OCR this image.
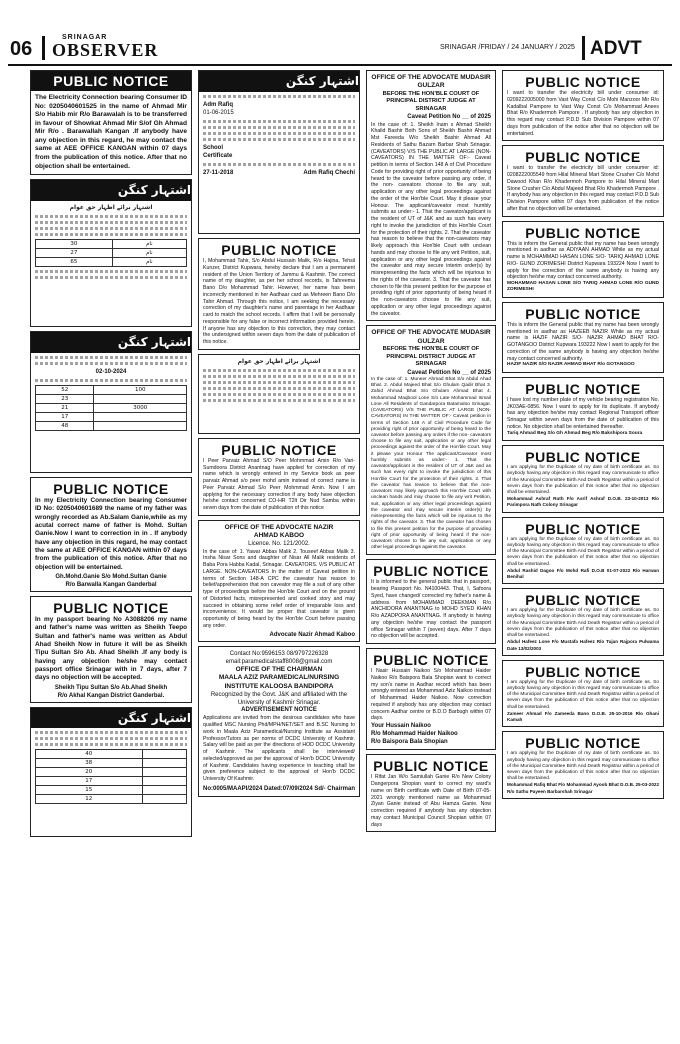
06
SRINAGAR
OBSERVER	SRINAGAR /FRIDAY / 24 JANUARY / 2025 ADVT
PUBLIC NOTICE
The Electricity Connection bearing Consumer ID No: 0205040601525 in the name of Ahmad Mir S/o Habib mir R/o Barawalah is to be transferred in favour of Showkat Ahmad Mir S/of Gh Ahmad Mir R/o . Barawallah Kangan .If anybody have any objection in this regard, he may contact the same at AEE OFFICE KANGAN within 07 days from the publication of this notice. After that no objection shall be entertained.
اشتہار کنگن
اشتہار برائے اظہار حق عوام
30	نام
27	نام
65	نام
اشتہار کنگن
02-10-2024
52	100
23	
21	3000
17	
48	
PUBLIC NOTICE
In my Electricity Connection bearing Consumer ID No: 0205040601689 the name of my father was wrongly recorded as Ab.Salam Ganie,while as my acutal correct name of father is Mohd. Sultan Ganie.Now I want to correction in in . If anybody have any objection in this regard, he may contact the same at AEE OFFICE KANGAN within 07 days from the publication of this notice. After that no objection will be entertained.
Gh.Mohd.Ganie S/o Mohd.Sultan Ganie
R/o Barwalla Kangan Ganderbal
PUBLIC NOTICE
In my passport bearing No A3088206 my name and father's name was written as Sheikh Teepo Sultan and father's name was written as Abdul Ahad Sheikh Now in future it will be as Sheikh Tipu Sultan S/o Ab. Ahad Sheikh .If any body is having any objection he/she may contact passport office Srinagar with in 7 days, after 7 days no objection will be accepted.
Sheikh Tipu Sultan S/o Ab.Ahad Sheikh
R/o Akhal Kangan District Ganderbal.
اشتہار کنگن
40	
38	
20	
17	
15	
12	
اشتہار کنگن
Adm Rafiq
01-06-2015
School
Certificate
27-11-2018	Adm Rafiq Chechi
PUBLIC NOTICE
I, Mohammad Tahir, S/o Abdul Hussain Malik, R/o Hajina, Tehsil Kunzer, District Kupwara, hereby declare that I am a permanent resident of the Union Territory of Jammu & Kashmir. The correct name of my daughter, as per her school records, is Tahreema Bano D/o Mohammad Tahir. However, her name has been incorrectly mentioned in her Aadhaar card as Mehreen Bano D/o Tahir Ahmad. Through this notice, I am seeking the necessary correction of my daughter's name and parentage in her Aadhaar card to match the school records. I affirm that I will be personally responsible for any false or incorrect information provided herein. If anyone has any objection to this correction, they may contact the undersigned within seven days from the date of publication of this notice.
اشتہار برائے اظہار حق عوام
PUBLIC NOTICE
I Peer Parvaiz Ahmad S/O Peer Mohmmad Amin R/o Vari-Sumdoora District Anantnag have applied for correction of my name which is wrongly entered in my Service book as peer parvaiz Ahmad s/o peer mohd amin instead of correct name is Peer Parvaiz Ahmad S/o Peer Mohmmad Amin. Now I am applying for the necessary correction if any body have objection he/she contact concerned CO-HR T2lt Dir Nud Samba within seven days from the date of publication of this notice
OFFICE OF THE ADVOCATE NAZIR
AHMAD KABOO
Licence. No. 121/2002.
In the case of: 1. Yawar Abbas Malik 2. Touseef Abbas Malik 3. Insha Nisar Sons and daughter of Nisar All Malik residents of Baba Pora Habba Kadal, Srinagar. CAVEATORS. V/S PUBLIC AT LARGE. NON-CAVEATORS In the matter of Caveat petition in terms of Section 148-A CPC the caveator has reason to belief/apprehension that non caveator may file a suit of any other type of proceedings before the Hon'ble Court and on the ground of Distorted facts, misrepresented and cooked story and may succeed in obtaining some relief order of irreparable loss and inconvenience. It would be proper that caveator is given opportunity of being heard by the Hon'ble Court before passing any order.
Advocate Nazir Ahmad Kaboo
Contact No:9596153 08/9797226328
email:paramedicalstaff8008@gmail.com
OFFICE OF THE CHAIRMAN
MAALA AZIZ PARAMEDICAL/NURSING INSTITUTE KALOOSA BANDIPORA
Recognized by the Govt. J&K and affiliated with the University of Kashmir Srinagar.
ADVERTISEMENT NOTICE
Applications are invited from the desirous candidates who have qualified MSC Nursing Phd/MPH/NET/SET and B.SC Nursing to work in Maala Aziz Paramedical/Nursing Institute as Assistant Professor/Tutors as per norms of DCDC University of Kashmir. Salary will be paid as per the directions of HOD DCDC University of Kashmir. The applicants shall be interviewed/ selected/approved as per the approval of Hon'b DCDC University of Kashmir. Candidates having experience in teaching shall be given preference subject to the approval of Hon'b DCDC University Of Kashmir.
No:0005/MAAPI/2024 Dated:07/09/2024 Sd/- Chairman
OFFICE OF THE ADVOCATE MUDASIR GULZAR
BEFORE THE HON'BLE COURT OF PRINCIPAL DISTRICT JUDGE AT SRINAGAR
Caveat Petition No __ of 2025
In the case of: 1. Sheikh Inam s Ahmad Sheikh Khalid Bashir Both Sons of Sheikh Bashir Ahmad Mst Fareeda W/o Sheikh Bashir Ahmad All Residents of Sathu Bazarn Barbar Shah Srinagar. (CAVEATORS) V/S THE PUBLIC AT LARGE (NON-CAVEATORS) IN THE MATTER OF:- Caveat petition in terms of Section 148 A of Civil Procedure Code for providing right of prior opportunity of being heard to the caveator before passing any order, if the non- caveators choose to file any suit, application or any other legal proceedings against the order of the Hon'ble Court. May it please your Honour. The applicant/caveator most humbly submits as under:- 1. That the caveator/applicant is the resident of UT of J&K and as such has every right to invoke the jurisdiction of this Hon'ble Court for the protection of their rights. 2. That the caveator has reason to believe that the non-caveators may likely approach this Hon'ble Court with unclean hands and may choose to file any writ Petition, suit, application or any other legal proceedings against the caveator and may secure interim order(s) by misrepresenting the facts which will be injurious to the rights of the caveator. 3. That the caveator has chosen to file this present petition for the purpose of providing right of prior opportunity of being heard if the non-caveators choose to file any suit, application or any other legal proceedings against the caveator.
OFFICE OF THE ADVOCATE MUDASIR GULZAR
BEFORE THE HON'BLE COURT OF PRINCIPAL DISTRICT JUDGE AT SRINAGAR
Caveat Petition No __ of 2025
In the case of: 1. Muneer Ahmad Bhat S/o Abdul Ahad Bhat. 2. Abdul Majeed Bhat S/o Ghulam Qadir Bhat 3. Zahid Ahmad Bhat S/o Ghulam Ahmad Bhat 4. Mohammad Maqbool Lone S/o Late Mohammad Ismail Lone All Residents of Gandarpora Batamaloo Srinagar. (CAVEATORS) V/S THE PUBLIC AT LARGE (NON-CAVEATORS) IN THE MATTER OF:- Caveat petition in terms of Section 148 A of Civil Procedure Code for providing right of prior opportunity of being heard to the caveator before passing any orders if the non- caveators choose to file any suit, application or any other legal proceedings against the order of the Hon'ble Court. May it please your Honour The applicant/Caveator most humbly submits as under:- 1. That the caveator/applicant is the resident of UT of J&K and as such has every right to invoke the jurisdiction of this Hon'ble Court for the protection of their rights. 2. That the caveator has reason to believe that the non-caveators may likely approach this Hon'ble Court with unclean hands and may choose to file any writ Petition, suit, application or any other legal proceedings against the caveator and may secure interim order(s) by misrepresenting the facts which will be injurious to the rights of the caveator. 3. That the caveator has chosen to file this present petition for the purpose of providing right of prior opportunity of being heard if the non-caveators choose to file any suit, application or any other legal proceedings against the caveator.
PUBLIC NOTICE
It is informed to the general public that in passport, bearing Passport No. N4100443. That, I, Safoora Syed, have changed/ corrected my father's name & address from MOHAMMAD DEEKMAN R/o ANCHIDORA ANANTNAG to MOHD SYED KHAN R/o AZADPORA ANANTNAG. If anybody is having any objection he/she may contact the passport office Srinagar within 7 (seven) days. After 7 days no objection will be accepted.
PUBLIC NOTICE
I Nasir Hussain Naikoo S/o Mohammad Haider Naikoo R/o Baispora Bala Shopian want to correct my son's name in Aadhar record which has been wrongly entered as Mohammad Aziz Naikoo instead of Mohammad Haider Naikoo. Now correction required if anybody has any objection may contact concern Aadhar centre or B.D.O Barbugh within 07 days.
Your Hussain Naikoo
R/o Mohammad Haider Naikoo
R/o Baispora Bala Shopian
PUBLIC NOTICE
I Rifat Jan W/o Samiullah Ganie R/o New Colony Dangerpora Shopian want to correct my ward's name on Birth certificate with Date of Birth 07-05-2021 wrongly mentioned name as Mohammad Ziyan Ganie instead of Abu Hamza Ganie. Now correction required if anybody has any objection may contact Municipal Council Shopian within 07 days
PUBLIC NOTICE
I want to transfer the electricity bill under consumer id: 0209222005000 from Vast Way Const C/o Mohi Manzoor Mir R/o Kadalbal Pampore to Vast Way Const C/o Mohammad Anees Bhat R/o Khadermoh Pampore . If anybody has any objection in this regard may contact P.D.D Sub Division Pampore within 07 days from publication of the notice after that no objection will be entertained.
PUBLIC NOTICE
I want to transfer the electricity bill under consumer id: 0208222005549 from Hilal Mineral Mart Stone Crusher C/o Mohd Dawood Khan R/o Khadermoh Pampore to Hilal Mineral Mart Stone Crusher C/o Abdul Majeed Bhat R/o Khadermoh Pampore . If anybody has any objection in this regard may contact P.D.D Sub Division Pampore within 07 days from publication of the notice after that no objection will be entertained.
PUBLIC NOTICE
This is inform the General public that my name has been wrongly mentioned in aadhar as ADIYAAN AHMAD While as my actual name is MOHAMMAD HASAN LONE S/O- TARIQ AHMAD LONE R/O- GUND ZORIMESHI District Kupwara 193224 Now I want to apply for the correction of the same anybody is having any objection he/she may contact concerned authority.
MOHAMMAD HASAN LONE S/O TARIQ AHMAD LONE R/O GUND ZORIMESHI
PUBLIC NOTICE
This is inform the General public that my name has been wrongly mentioned in aadhar as HAZEEB NAZIR While as my actual name is HAZIF NAZIR S/O- NAZIR AHMAD BHAT R/O- GOTANGOO District Kupwara 193222 Now I want to apply for the correction of the same anybody is having any objection he/she may contact concerned authority.
HAZIF NAZIR S/O NAZIR AHMAD BHAT R/o GOTANGOO
PUBLIC NOTICE
I have lost my number plate of my vehicle bearing registration No. JK03AE-0856. Now I want to apply for its duplicate. If anybody has any objection he/she may contact Regional Transport officer Srinagar within seven days from the date of publication of this notice. No objection shall be entertained thereafter.
Tariq Ahmad Beg S/o Gh Ahmad Beg R/o Bakshipora Soura
PUBLIC NOTICE
I am applying for the Duplicate of my date of birth certificate as. So anybody having any objection in this regard may communicate to office of the Municipal Committee Birth And Death Registrar within a period of seven days from the publication of this notice after that no objection shall be entertained.
Mohammad Ashraf Ruth F/o Asrif Ashraf D.O.B. 23-10-2013 R/o Parimpora Nath Colony Srinagar
PUBLIC NOTICE
I am applying for the Duplicate of my date of birth certificate as. So anybody having any objection in this regard may communicate to office of the Municipal Committee Birth And Death Registrar within a period of seven days from the publication of this notice after that no objection shall be entertained.
Abdul Rashid Dagoo F/o Mohd Rafi D.O.B 01-07-2022 R/o Harwan Benihal
PUBLIC NOTICE
I am applying for the Duplicate of my date of birth certificate as. So anybody having any objection in this regard may communicate to office of the Municipal Committee Birth And Death Registrar within a period of seven days from the publication of this notice after that no objection shall be entertained.
Abdul Hafeez Lone F/o Mustafa Hafeez R/o Tujan Rajpora Pulwama Date 13/02/2003
PUBLIC NOTICE
I am applying for the Duplicate of my date of birth certificate as. So anybody having any objection in this regard may communicate to office of the Municipal Committee Birth And Death Registrar within a period of seven days from the publication of this notice after that no objection shall be entertained.
Zameer Ahmad F/o Zameeda Bano D.O.B. 25-10-2016 R/o Ghani Kamah
PUBLIC NOTICE
I am applying for the Duplicate of my date of birth certificate as. So anybody having any objection in this regard may communicate to office of the Municipal Committee Birth And Death Registrar within a period of seven days from the publication of this notice after that no objection shall be entertained.
Mohammad Rafiq Bhat F/o Mohammad Ayoob Bhat D.O.B. 25-03-2022 R/o Sathu Payeen Barbarshah Srinagar
